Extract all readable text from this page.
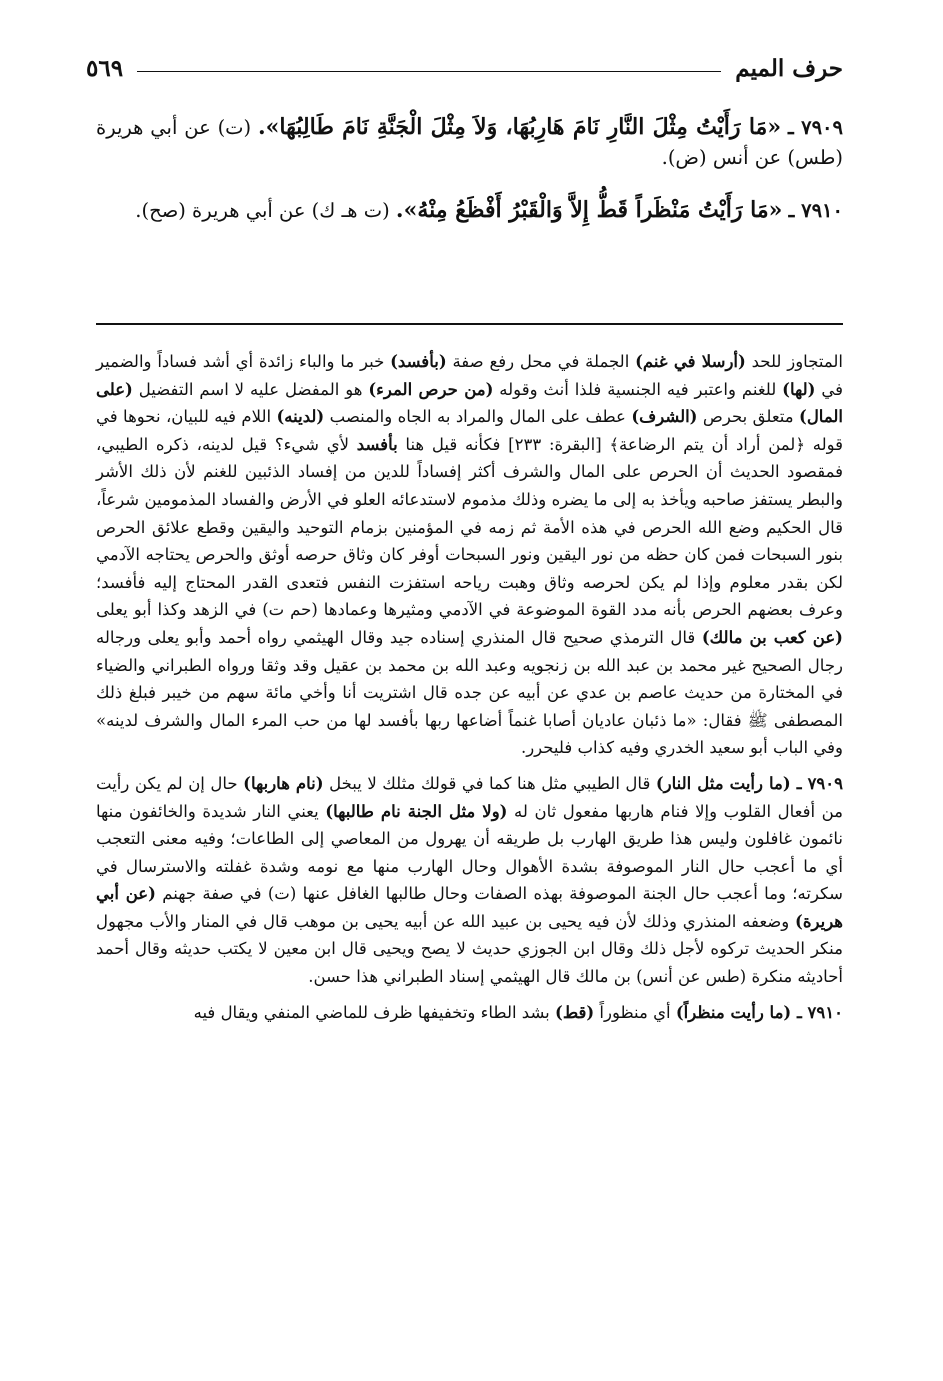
حرف الميم
٥٦٩

٧٩٠٩ ـ «مَا رَأَيْتُ مِثْلَ النَّارِ نَامَ هَارِبُهَا، وَلاَ مِثْلَ الْجَنَّةِ نَامَ طَالِبُهَا». (ت) عن أبي هريرة (طس) عن أنس (ض).

٧٩١٠ ـ «مَا رَأَيْتُ مَنْظَراً قَطُّ إِلاَّ وَالْقَبْرُ أَفْظَعُ مِنْهُ». (ت هـ ك) عن أبي هريرة (صح).

المتجاوز للحد (أرسلا في غنم) الجملة في محل رفع صفة (بأفسد) خبر ما والباء زائدة أي أشد فساداً والضمير في (لها) للغنم واعتبر فيه الجنسية فلذا أنث وقوله (من حرص المرء) هو المفضل عليه لا اسم التفضيل (على المال) متعلق بحرص (الشرف) عطف على المال والمراد به الجاه والمنصب (لدينه) اللام فيه للبيان، نحوها في قوله ﴿لمن أراد أن يتم الرضاعة﴾ [البقرة: ٢٣٣] فكأنه قيل هنا بأفسد لأي شيء؟ قيل لدينه، ذكره الطيبي، فمقصود الحديث أن الحرص على المال والشرف أكثر إفساداً للدين من إفساد الذئبين للغنم لأن ذلك الأشر والبطر يستفز صاحبه ويأخذ به إلى ما يضره وذلك مذموم لاستدعائه العلو في الأرض والفساد المذمومين شرعاً، قال الحكيم وضع الله الحرص في هذه الأمة ثم زمه في المؤمنين بزمام التوحيد واليقين وقطع علائق الحرص بنور السبحات فمن كان حظه من نور اليقين ونور السبحات أوفر كان وثاق حرصه أوثق والحرص يحتاجه الآدمي لكن بقدر معلوم وإذا لم يكن لحرصه وثاق وهبت رياحه استفزت النفس فتعدى القدر المحتاج إليه فأفسد؛ وعرف بعضهم الحرص بأنه مدد القوة الموضوعة في الآدمي ومثيرها وعمادها (حم ت) في الزهد وكذا أبو يعلى (عن كعب بن مالك) قال الترمذي صحيح قال المنذري إسناده جيد وقال الهيثمي رواه أحمد وأبو يعلى ورجاله رجال الصحيح غير محمد بن عبد الله بن زنجويه وعبد الله بن محمد بن عقيل وقد وثقا ورواه الطبراني والضياء في المختارة من حديث عاصم بن عدي عن أبيه عن جده قال اشتريت أنا وأخي مائة سهم من خيبر فبلغ ذلك المصطفى ﷺ فقال: «ما ذئبان عاديان أصابا غنماً أضاعها ربها بأفسد لها من حب المرء المال والشرف لدينه» وفي الباب أبو سعيد الخدري وفيه كذاب فليحرر.

٧٩٠٩ ـ (ما رأيت مثل النار) قال الطيبي مثل هنا كما في قولك مثلك لا يبخل (نام هاربها) حال إن لم يكن رأيت من أفعال القلوب وإلا فنام هاربها مفعول ثان له (ولا مثل الجنة نام طالبها) يعني النار شديدة والخائفون منها نائمون غافلون وليس هذا طريق الهارب بل طريقه أن يهرول من المعاصي إلى الطاعات؛ وفيه معنى التعجب أي ما أعجب حال النار الموصوفة بشدة الأهوال وحال الهارب منها مع نومه وشدة غفلته والاسترسال في سكرته؛ وما أعجب حال الجنة الموصوفة بهذه الصفات وحال طالبها الغافل عنها (ت) في صفة جهنم (عن أبي هريرة) وضعفه المنذري وذلك لأن فيه يحيى بن عبيد الله عن أبيه يحيى بن موهب قال في المنار والأب مجهول منكر الحديث تركوه لأجل ذلك وقال ابن الجوزي حديث لا يصح ويحيى قال ابن معين لا يكتب حديثه وقال أحمد أحاديثه منكرة (طس عن أنس) بن مالك قال الهيثمي إسناد الطبراني هذا حسن.

٧٩١٠ ـ (ما رأيت منظراً) أي منظوراً (قط) بشد الطاء وتخفيفها ظرف للماضي المنفي ويقال فيه
